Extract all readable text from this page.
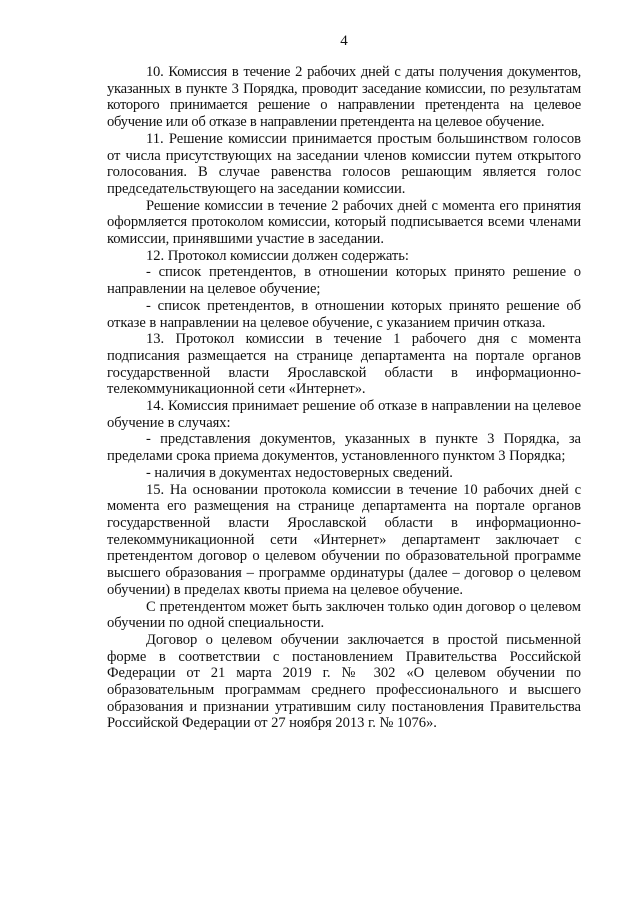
4

10. Комиссия в течение 2 рабочих дней с даты получения документов, указанных в пункте 3 Порядка, проводит заседание комиссии, по результатам которого принимается решение о направлении претендента на целевое обучение или об отказе в направлении претендента на целевое обучение.

11. Решение комиссии принимается простым большинством голосов от числа присутствующих на заседании членов комиссии путем открытого голосования. В случае равенства голосов решающим является голос председательствующего на заседании комиссии.

Решение комиссии в течение 2 рабочих дней с момента его принятия оформляется протоколом комиссии, который подписывается всеми членами комиссии, принявшими участие в заседании.

12. Протокол комиссии должен содержать:

- список претендентов, в отношении которых принято решение о направлении на целевое обучение;

- список претендентов, в отношении которых принято решение об отказе в направлении на целевое обучение, с указанием причин отказа.

13. Протокол комиссии в течение 1 рабочего дня с момента подписания размещается на странице департамента на портале органов государственной власти Ярославской области в информационно-телекоммуникационной сети «Интернет».

14. Комиссия принимает решение об отказе в направлении на целевое обучение в случаях:

- представления документов, указанных в пункте 3 Порядка, за пределами срока приема документов, установленного пунктом 3 Порядка;

- наличия в документах недостоверных сведений.

15. На основании протокола комиссии в течение 10 рабочих дней с момента его размещения на странице департамента на портале органов государственной власти Ярославской области в информационно-телекоммуникационной сети «Интернет» департамент заключает с претендентом договор о целевом обучении по образовательной программе высшего образования – программе ординатуры (далее – договор о целевом обучении) в пределах квоты приема на целевое обучение.

С претендентом может быть заключен только один договор о целевом обучении по одной специальности.

Договор о целевом обучении заключается в простой письменной форме в соответствии с постановлением Правительства Российской Федерации от 21 марта 2019 г. № 302 «О целевом обучении по образовательным программам среднего профессионального и высшего образования и признании утратившим силу постановления Правительства Российской Федерации от 27 ноября 2013 г. № 1076».
